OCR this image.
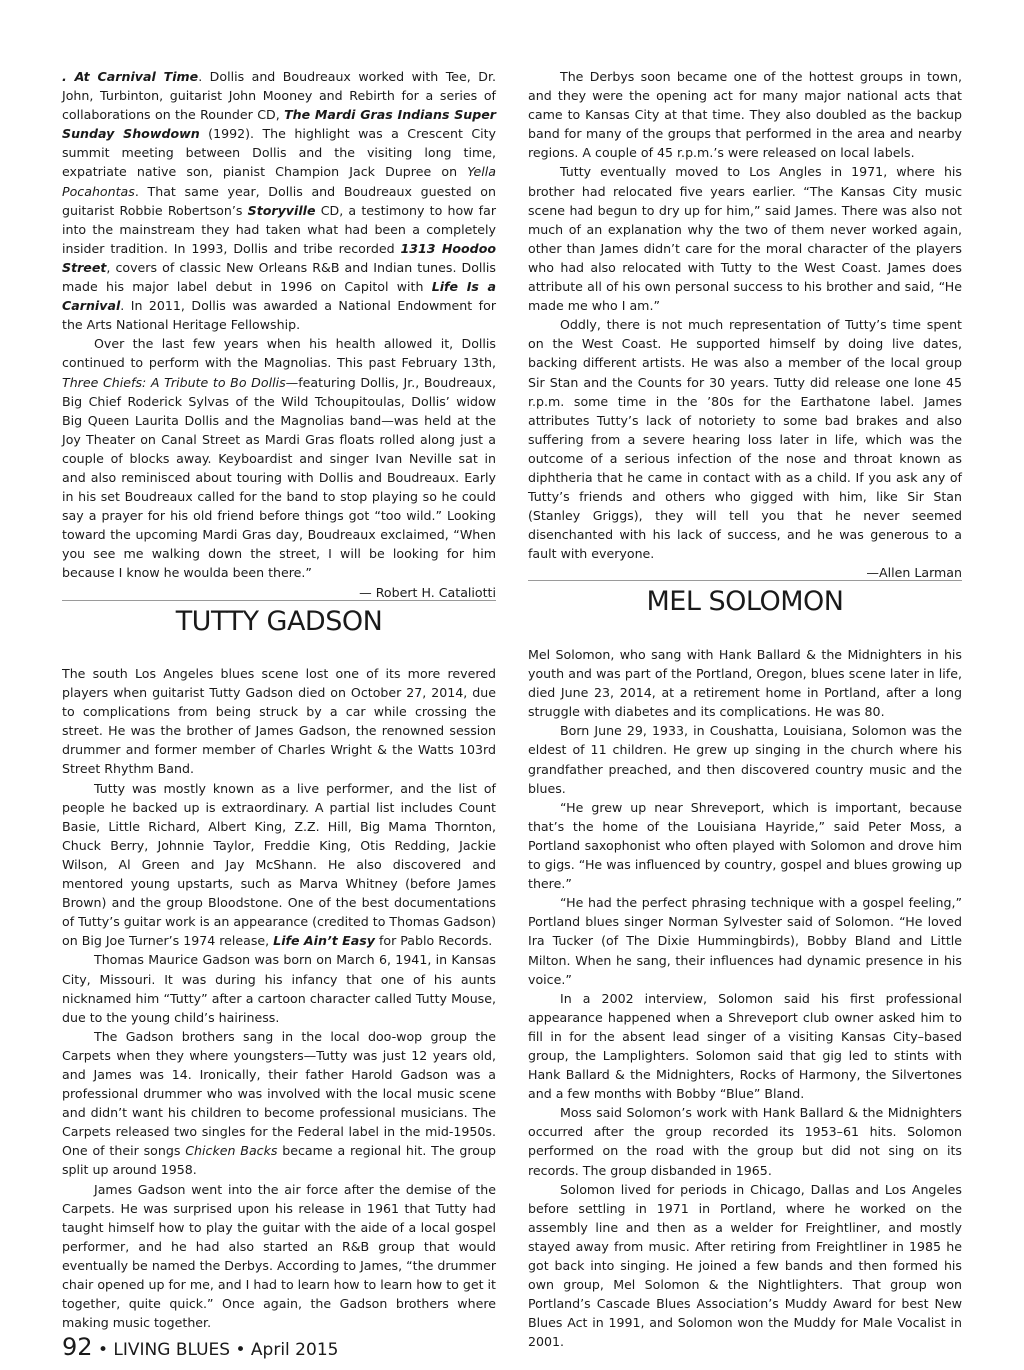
. At Carnival Time. Dollis and Boudreaux worked with Tee, Dr. John, Turbinton, guitarist John Mooney and Rebirth for a series of collaborations on the Rounder CD, The Mardi Gras Indians Super Sunday Showdown (1992). The highlight was a Crescent City summit meeting between Dollis and the visiting long time, expatriate native son, pianist Champion Jack Dupree on Yella Pocahontas. That same year, Dollis and Boudreaux guested on guitarist Robbie Robertson’s Storyville CD, a testimony to how far into the mainstream they had taken what had been a completely insider tradition. In 1993, Dollis and tribe recorded 1313 Hoodoo Street, covers of classic New Orleans R&B and Indian tunes. Dollis made his major label debut in 1996 on Capitol with Life Is a Carnival. In 2011, Dollis was awarded a National Endowment for the Arts National Heritage Fellowship.

Over the last few years when his health allowed it, Dollis continued to perform with the Magnolias. This past February 13th, Three Chiefs: A Tribute to Bo Dollis—featuring Dollis, Jr., Boudreaux, Big Chief Roderick Sylvas of the Wild Tchoupitoulas, Dollis’ widow Big Queen Laurita Dollis and the Magnolias band—was held at the Joy Theater on Canal Street as Mardi Gras floats rolled along just a couple of blocks away. Keyboardist and singer Ivan Neville sat in and also reminisced about touring with Dollis and Boudreaux. Early in his set Boudreaux called for the band to stop playing so he could say a prayer for his old friend before things got “too wild.” Looking toward the upcoming Mardi Gras day, Boudreaux exclaimed, “When you see me walking down the street, I will be looking for him because I know he woulda been there.”

— Robert H. Cataliotti

The Derbys soon became one of the hottest groups in town, and they were the opening act for many major national acts that came to Kansas City at that time. They also doubled as the backup band for many of the groups that performed in the area and nearby regions. A couple of 45 r.p.m.’s were released on local labels.

Tutty eventually moved to Los Angles in 1971, where his brother had relocated five years earlier. “The Kansas City music scene had begun to dry up for him,” said James. There was also not much of an explanation why the two of them never worked again, other than James didn’t care for the moral character of the players who had also relocated with Tutty to the West Coast. James does attribute all of his own personal success to his brother and said, “He made me who I am.”

Oddly, there is not much representation of Tutty’s time spent on the West Coast. He supported himself by doing live dates, backing different artists. He was also a member of the local group Sir Stan and the Counts for 30 years. Tutty did release one lone 45 r.p.m. some time in the ’80s for the Earthatone label. James attributes Tutty’s lack of notoriety to some bad brakes and also suffering from a severe hearing loss later in life, which was the outcome of a serious infection of the nose and throat known as diphtheria that he came in contact with as a child. If you ask any of Tutty’s friends and others who gigged with him, like Sir Stan (Stanley Griggs), they will tell you that he never seemed disenchanted with his lack of success, and he was generous to a fault with everyone.

—Allen Larman

TUTTY GADSON
MEL SOLOMON

The south Los Angeles blues scene lost one of its more revered players when guitarist Tutty Gadson died on October 27, 2014, due to complications from being struck by a car while crossing the street. He was the brother of James Gadson, the renowned session drummer and former member of Charles Wright & the Watts 103rd Street Rhythm Band.

Tutty was mostly known as a live performer, and the list of people he backed up is extraordinary. A partial list includes Count Basie, Little Richard, Albert King, Z.Z. Hill, Big Mama Thornton, Chuck Berry, Johnnie Taylor, Freddie King, Otis Redding, Jackie Wilson, Al Green and Jay McShann. He also discovered and mentored young upstarts, such as Marva Whitney (before James Brown) and the group Bloodstone. One of the best documentations of Tutty’s guitar work is an appearance (credited to Thomas Gadson) on Big Joe Turner’s 1974 release, Life Ain’t Easy for Pablo Records.

Thomas Maurice Gadson was born on March 6, 1941, in Kansas City, Missouri. It was during his infancy that one of his aunts nicknamed him “Tutty” after a cartoon character called Tutty Mouse, due to the young child’s hairiness.

The Gadson brothers sang in the local doo-wop group the Carpets when they where youngsters—Tutty was just 12 years old, and James was 14. Ironically, their father Harold Gadson was a professional drummer who was involved with the local music scene and didn’t want his children to become professional musicians. The Carpets released two singles for the Federal label in the mid-1950s. One of their songs Chicken Backs became a regional hit. The group split up around 1958.

James Gadson went into the air force after the demise of the Carpets. He was surprised upon his release in 1961 that Tutty had taught himself how to play the guitar with the aide of a local gospel performer, and he had also started an R&B group that would eventually be named the Derbys. According to James, “the drummer chair opened up for me, and I had to learn how to learn how to get it together, quite quick.” Once again, the Gadson brothers where making music together.

Mel Solomon, who sang with Hank Ballard & the Midnighters in his youth and was part of the Portland, Oregon, blues scene later in life, died June 23, 2014, at a retirement home in Portland, after a long struggle with diabetes and its complications. He was 80.

Born June 29, 1933, in Coushatta, Louisiana, Solomon was the eldest of 11 children. He grew up singing in the church where his grandfather preached, and then discovered country music and the blues.

“He grew up near Shreveport, which is important, because that’s the home of the Louisiana Hayride,” said Peter Moss, a Portland saxophonist who often played with Solomon and drove him to gigs. “He was influenced by country, gospel and blues growing up there.”

“He had the perfect phrasing technique with a gospel feeling,” Portland blues singer Norman Sylvester said of Solomon. “He loved Ira Tucker (of The Dixie Hummingbirds), Bobby Bland and Little Milton. When he sang, their influences had dynamic presence in his voice.”

In a 2002 interview, Solomon said his first professional appearance happened when a Shreveport club owner asked him to fill in for the absent lead singer of a visiting Kansas City–based group, the Lamplighters. Solomon said that gig led to stints with Hank Ballard & the Midnighters, Rocks of Harmony, the Silvertones and a few months with Bobby “Blue” Bland.

Moss said Solomon’s work with Hank Ballard & the Midnighters occurred after the group recorded its 1953–61 hits. Solomon performed on the road with the group but did not sing on its records. The group disbanded in 1965.

Solomon lived for periods in Chicago, Dallas and Los Angeles before settling in 1971 in Portland, where he worked on the assembly line and then as a welder for Freightliner, and mostly stayed away from music. After retiring from Freightliner in 1985 he got back into singing. He joined a few bands and then formed his own group, Mel Solomon & the Nightlighters. That group won Portland’s Cascade Blues Association’s Muddy Award for best New Blues Act in 1991, and Solomon won the Muddy for Male Vocalist in 2001.

92 • LIVING BLUES • April 2015
